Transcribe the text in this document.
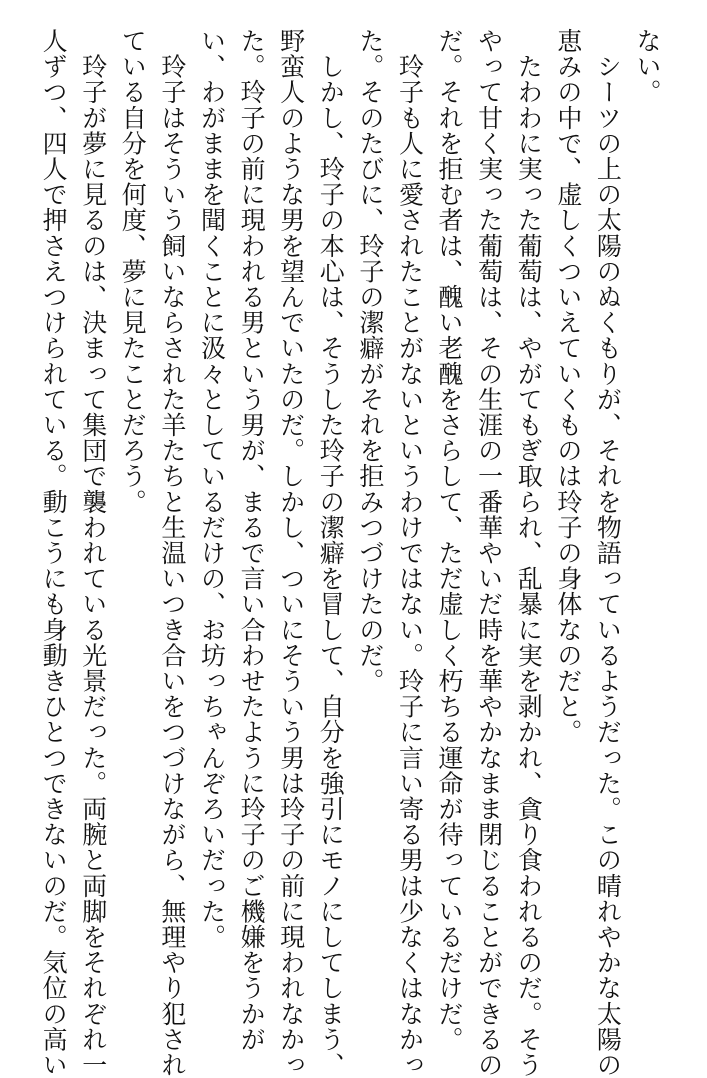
ない。
　シーツの上の太陽のぬくもりが、それを物語っているようだった。この晴れやかな太陽の
恵みの中で、虚しくついえていくものは玲子の身体なのだと。
　たわわに実った葡萄は、やがてもぎ取られ、乱暴に実を剥かれ、貪り食われるのだ。そう
やって甘く実った葡萄は、その生涯の一番華やいだ時を華やかなまま閉じることができるの
だ。それを拒む者は、醜い老醜をさらして、ただ虚しく朽ちる運命が待っているだけだ。
　玲子も人に愛されたことがないというわけではない。玲子に言い寄る男は少なくはなかっ
た。そのたびに、玲子の潔癖がそれを拒みつづけたのだ。
　しかし、玲子の本心は、そうした玲子の潔癖を冒して、自分を強引にモノにしてしまう、
野蛮人のような男を望んでいたのだ。しかし、ついにそういう男は玲子の前に現われなかっ
た。玲子の前に現われる男という男が、まるで言い合わせたように玲子のご機嫌をうかが
い、わがままを聞くことに汲々としているだけの、お坊っちゃんぞろいだった。
　玲子はそういう飼いならされた羊たちと生温いつき合いをつづけながら、無理やり犯され
ている自分を何度、夢に見たことだろう。
　玲子が夢に見るのは、決まって集団で襲われている光景だった。両腕と両脚をそれぞれ一
人ずつ、四人で押さえつけられている。動こうにも身動きひとつできないのだ。気位の高い
